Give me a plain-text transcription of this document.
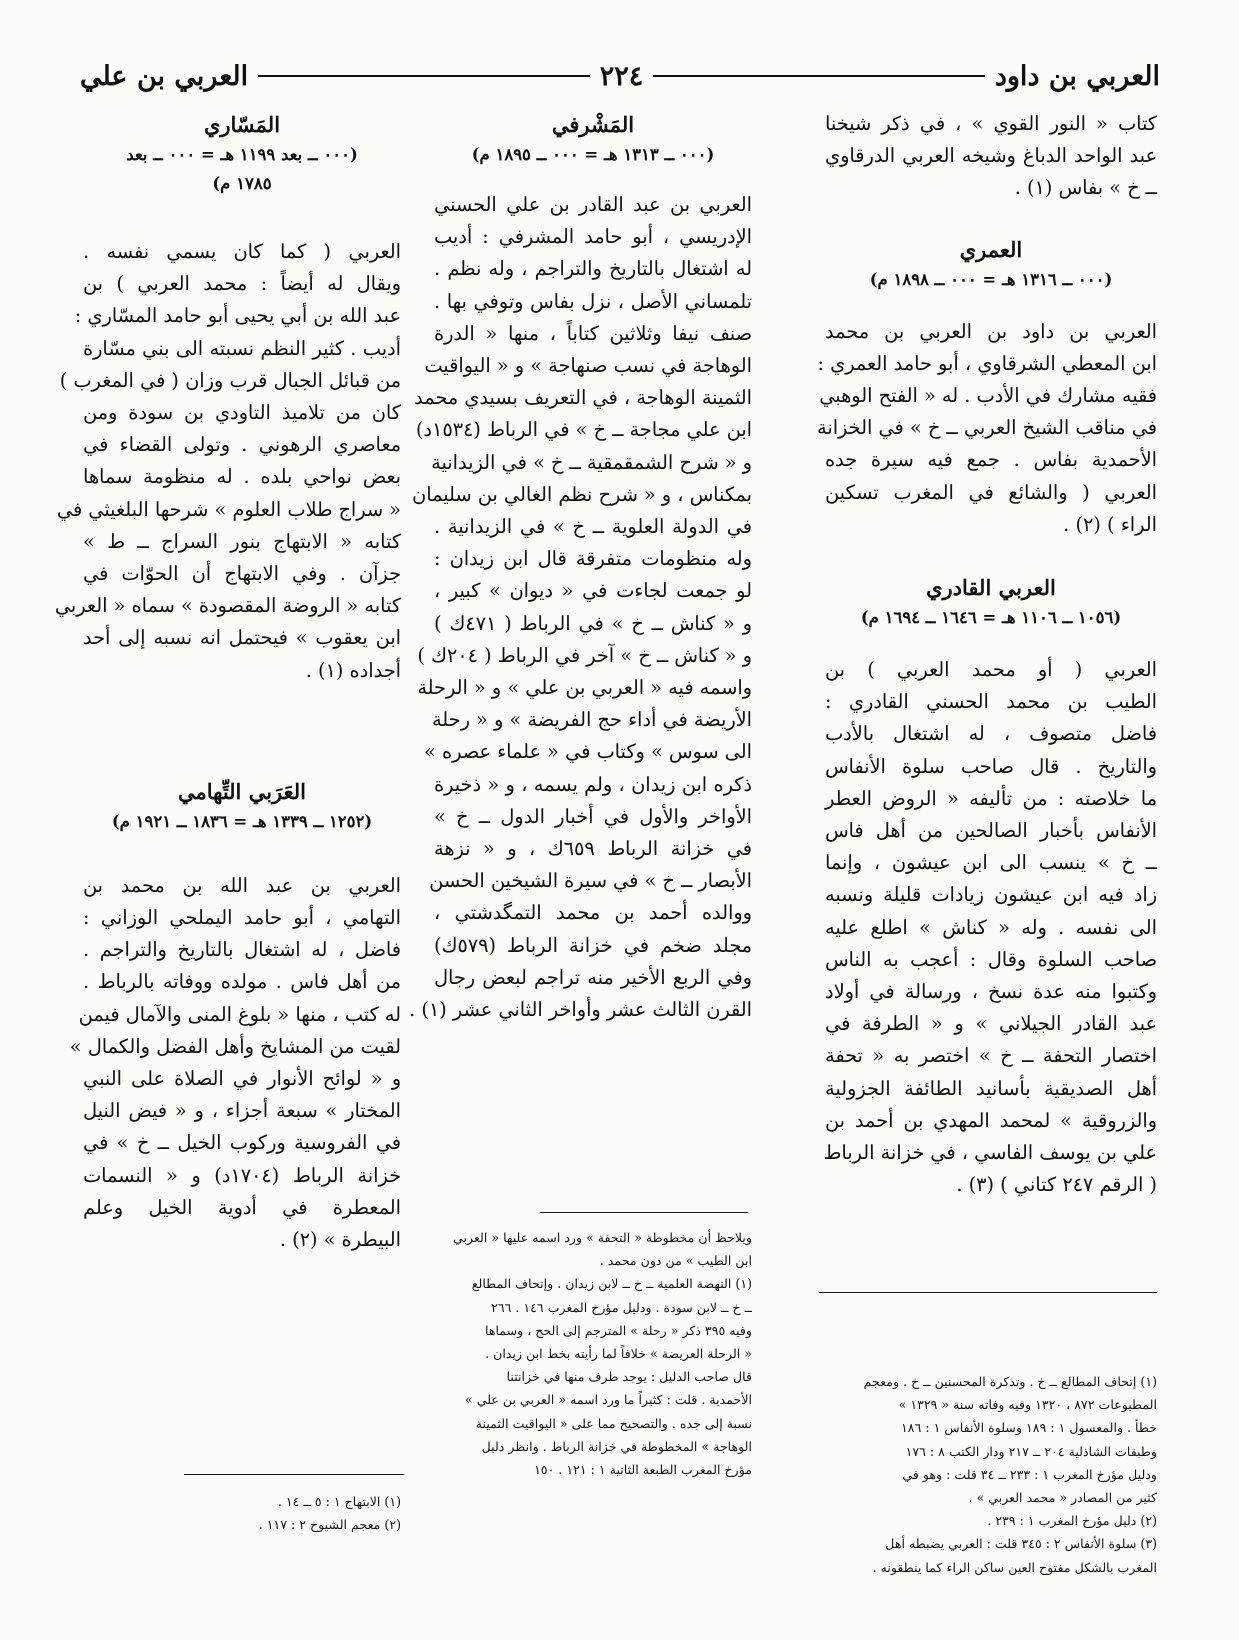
العربي بن داود
٢٢٤
العربي بن علي
كتاب « النور القوي » ، في ذكر شيخنا
عبد الواحد الدباغ وشيخه العربي الدرقاوي
ــ خ » بفاس (١) .
العمري

(٠٠٠ ــ ١٣١٦ هـ = ٠٠٠ ــ ١٨٩٨ م)

العربي بن داود بن العربي بن محمد
ابن المعطي الشرقاوي ، أبو حامد العمري :
فقيه مشارك في الأدب . له « الفتح الوهبي
في مناقب الشيخ العربي ــ خ » في الخزانة
الأحمدية بفاس . جمع فيه سيرة جده
العربي ( والشائع في المغرب تسكين
الراء ) (٢) .
العربي القادري

(١٠٥٦ ــ ١١٠٦ هـ = ١٦٤٦ ــ ١٦٩٤ م)

العربي ( أو محمد العربي ) بن
الطيب بن محمد الحسني القادري :
فاضل متصوف ، له اشتغال بالأدب
والتاريخ . قال صاحب سلوة الأنفاس
ما خلاصته : من تأليفه « الروض العطر
الأنفاس بأخبار الصالحين من أهل فاس
ــ خ » ينسب الى ابن عيشون ، وإنما
زاد فيه ابن عيشون زيادات قليلة ونسبه
الى نفسه . وله « كناش » اطلع عليه
صاحب السلوة وقال : أعجب به الناس
وكتبوا منه عدة نسخ ، ورسالة في أولاد
عبد القادر الجيلاني » و « الطرفة في
اختصار التحفة ــ خ » اختصر به « تحفة
أهل الصديقية بأسانيد الطائفة الجزولية
والزروقية » لمحمد المهدي بن أحمد بن
علي بن يوسف الفاسي ، في خزانة الرباط
( الرقم ٢٤٧ كتاني ) (٣) .
المَشْرفي

(٠٠٠ ــ ١٣١٣ هـ = ٠٠٠ ــ ١٨٩٥ م)

العربي بن عبد القادر بن علي الحسني
الإدريسي ، أبو حامد المشرفي : أديب
له اشتغال بالتاريخ والتراجم ، وله نظم .
تلمساني الأصل ، نزل بفاس وتوفي بها .
صنف نيفا وثلاثين كتاباً ، منها « الدرة
الوهاجة في نسب صنهاجة » و « اليواقيت
الثمينة الوهاجة ، في التعريف بسيدي محمد
ابن علي مجاجة ــ خ » في الرباط (١٥٣٤د)
و « شرح الشمقمقية ــ خ » في الزيدانية
بمكناس ، و « شرح نظم الغالي بن سليمان
في الدولة العلوية ــ خ » في الزيدانية .
وله منظومات متفرقة قال ابن زيدان :
لو جمعت لجاءت في « ديوان » كبير ،
و « كناش ــ خ » في الرباط ( ٤٧١ك )
و « كناش ــ خ » آخر في الرباط ( ٢٠٤ك )
واسمه فيه « العربي بن علي » و « الرحلة
الأريضة في أداء حج الفريضة » و « رحلة
الى سوس » وكتاب في « علماء عصره »
ذكره ابن زيدان ، ولم يسمه ، و « ذخيرة
الأواخر والأول في أخبار الدول ــ خ »
في خزانة الرباط ٦٥٩ك ، و « نزهة
الأبصار ــ خ » في سيرة الشيخين الحسن
ووالده أحمد بن محمد التمگدشتي ،
مجلد ضخم في خزانة الرباط (٥٧٩ك)
وفي الربع الأخير منه تراجم لبعض رجال
القرن الثالث عشر وأواخر الثاني عشر (١) .
المَسّاري

(٠٠٠ ــ بعد ١١٩٩ هـ = ٠٠٠ ــ بعد

١٧٨٥ م)

العربي ( كما كان يسمي نفسه .
ويقال له أيضاً : محمد العربي ) بن
عبد الله بن أبي يحيى أبو حامد المسّاري :
أديب . كثير النظم نسبته الى بني مسّارة
من قبائل الجبال قرب وزان ( في المغرب )
كان من تلاميذ التاودي بن سودة ومن
معاصري الرهوني . وتولى القضاء في
بعض نواحي بلده . له منظومة سماها
« سراج طلاب العلوم » شرحها البلغيثي في
كتابه « الابتهاج بنور السراج ــ ط »
جزآن . وفي الابتهاج أن الحوّات في
كتابه « الروضة المقصودة » سماه « العربي
ابن يعقوب » فيحتمل انه نسبه إلى أحد
أجداده (١) .
العَرَبي التِّهامي

(١٢٥٢ ــ ١٣٣٩ هـ = ١٨٣٦ ــ ١٩٢١ م)

العربي بن عبد الله بن محمد بن
التهامي ، أبو حامد اليملحي الوزاني :
فاضل ، له اشتغال بالتاريخ والتراجم .
من أهل فاس . مولده ووفاته بالرباط .
له كتب ، منها « بلوغ المنى والآمال فيمن
لقيت من المشايخ وأهل الفضل والكمال »
و « لوائح الأنوار في الصلاة على النبي
المختار » سبعة أجزاء ، و « فيض النيل
في الفروسية وركوب الخيل ــ خ » في
خزانة الرباط (١٧٠٤د) و « النسمات
المعطرة في أدوية الخيل وعلم
البيطرة » (٢) .	ويلاحظ أن مخطوطة « التحفة » ورد اسمه عليها « العربي
ابن الطيب » من دون محمد .
(١) النهضة العلمية ــ خ ــ لابن زيدان . وإتحاف المطالع
ــ خ ــ لابن سودة . ودليل مؤرخ المغرب ١٤٦ . ٢٦٦
وفيه ٣٩٥ ذكر « رحلة » المترجم إلى الحج ، وسماها
« الرحلة العريضة » خلافاً لما رأيته بخط ابن زيدان .
قال صاحب الدليل : يوجد طرف منها في خزانتنا
الأحمدية . قلت : كثيراً ما ورد اسمه « العربي بن علي »
نسبة إلى جده . والتصحيح مما على « اليواقيت الثمينة
الوهاجة » المخطوطة في خزانة الرباط . وانظر دليل
مؤرخ المغرب الطبعة الثانية ١ : ١٢١ . ١٥٠
(١) إتحاف المطالع ــ خ . وتذكرة المحسنين ــ خ . ومعجم
المطبوعات ٨٧٢ ، ١٣٢٠ وفيه وفاته سنة « ١٣٢٩ »
خطأ . والمعسول ١ : ١٨٩ وسلوة الأنفاس ١ : ١٨٦
وطبقات الشاذلية ٢٠٤ ــ ٢١٧ ودار الكتب ٨ : ١٧٦
ودليل مؤرخ المغرب ١ : ٢٣٣ ــ ٣٤ قلت : وهو في
كثير من المصادر « محمد العربي » .
(٢) دليل مؤرخ المغرب ١ : ٢٣٩ .
(٣) سلوة الأنفاس ٢ : ٣٤٥ قلت : العربي يضبطه أهل
المغرب بالشكل مفتوح العين ساكن الراء كما ينطقونه .
(١) الابتهاج ١ : ٥ ــ ١٤ .
(٢) معجم الشيوخ ٢ : ١١٧ .
